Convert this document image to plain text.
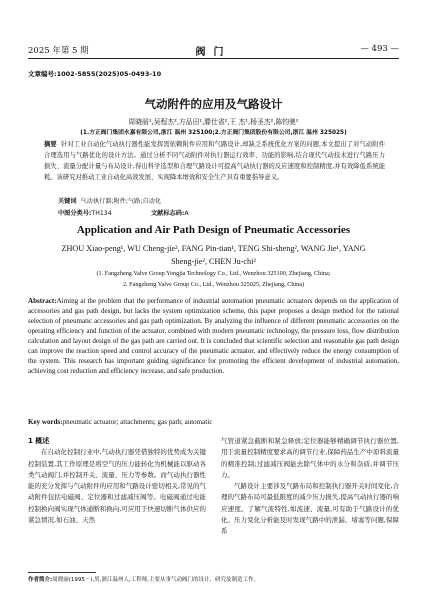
2025 年第 5 期	阀门	— 493 —
文章编号:1002-5855(2025)05-0493-10
气动附件的应用及气路设计
周晓丽¹,吴程杰²,方品田¹,滕仕省²,王 杰¹,杨圣杰²,陈钧驰²
(1.方正阀门集团永嘉有限公司,浙江 温州 325100;2.方正阀门集团股份有限公司,浙江 温州 325025)
摘要 针对工业自动化气动执行器性能发挥需依赖附件应用和气路设计,却缺乏系统优化方案的问题,本文提出了对气动附件合理选用与气路优化的设计方法。通过分析不同气动附件对执行器运行效率、功能的影响,结合现代气动技术进行气路压力损失、流量分配计量与布局设计,得出科学选型和合理气路设计可提高气动执行器的反应速度和控制精度,并有效降低系统能耗。该研究对推动工业自动化高效发展、实现降本增效和安全生产具有重要指导意义。
关键词 气动执行器;附件;气路;自动化
中图分类号:TH134	文献标志码:A
Application and Air Path Design of Pneumatic Accessories
ZHOU Xiao-peng¹, WU Cheng-jie², FANG Pin-tian¹, TENG Shi-sheng², WANG Jie¹, YANG Sheng-jie², CHEN Ju-chi²
(1. Fangzheng Valve Group Yongjia Technology Co., Ltd., Wenzhou 325100, Zhejiang, China;
2. Fangzheng Valve Group Co., Ltd., Wenzhou 325025, Zhejiang, China)
Abstract:Aiming at the problem that the performance of industrial automation pneumatic actuators depends on the application of accessories and gas path design, but lacks the system optimization scheme, this paper proposes a design method for the rational selection of pneumatic accessories and gas path optimization. By analyzing the influence of different pneumatic accessories on the operating efficiency and function of the actuator, combined with modern pneumatic technology, the pressure loss, flow distribution calculation and layout design of the gas path are carried out. It is concluded that scientific selection and reasonable gas path design can improve the reaction speed and control accuracy of the pneumatic actuator, and effectively reduce the energy consumption of the system. This research has important guiding significance for promoting the efficient development of industrial automation, achieving cost reduction and efficiency increase, and safe production.
Key words:pneumatic actuator; attachments; gas path; automatic
1 概述

在自动化控制行业中,气动执行器凭借独特的优势成为关键控制装置,其工作原理是将空气的压力能转化为机械能以驱动各类气动阀门,并控制开关、流量、压力等参数。而气动执行器性能的充分发挥与气动附件的应用和气路设计密切相关,常见的气动附件包括电磁阀、定位器和过滤减压阀等。电磁阀通过电能控制换向阀实现气体通断和换向,可应用于快速切断气体供应的紧急情况,如石油、天然

气管道紧急截断和紧急释放;定位器能够精确调节执行器位置,用于流量控制精度要求高的调节行业,保障药品生产中原料流量的精准控制;过滤减压阀能去除气体中的水分和杂质,并调节压力。

气路设计主要涉及气路布局和控制执行器开关时间变化,合理的气路布局可最低限度的减少压力损失,提高气动执行器的响应速度。了解气流特性,如流速、流量,可有助于气路设计的优化。压力变化分析能及时发现气路中的泄漏、堵塞等问题,保障系

作者简介:周晓丽(1995－),男,浙江温州人,工程师,主要从事气动阀门的设计、研究及制造工作。
